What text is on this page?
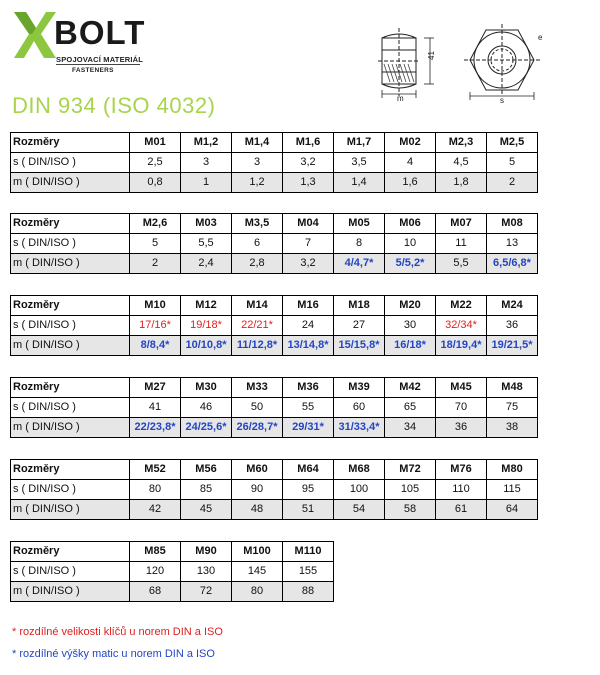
BOLT
SPOJOVACÍ MATERIÁL
FASTENERS
DIN 934 (ISO 4032)
41
m	s
e
Rozměry	M01	M1,2	M1,4	M1,6	M1,7	M02	M2,3	M2,5
s ( DIN/ISO )	2,5	3	3	3,2	3,5	4	4,5	5
m ( DIN/ISO )	0,8	1	1,2	1,3	1,4	1,6	1,8	2
Rozměry	M2,6	M03	M3,5	M04	M05	M06	M07	M08
s ( DIN/ISO )	5	5,5	6	7	8	10	11	13
m ( DIN/ISO )	2	2,4	2,8	3,2	4/4,7*	5/5,2*	5,5	6,5/6,8*
Rozměry	M10	M12	M14	M16	M18	M20	M22	M24
s ( DIN/ISO )	17/16*	19/18*	22/21*	24	27	30	32/34*	36
m ( DIN/ISO )	8/8,4*	10/10,8*	11/12,8*	13/14,8*	15/15,8*	16/18*	18/19,4*	19/21,5*
Rozměry	M27	M30	M33	M36	M39	M42	M45	M48
s ( DIN/ISO )	41	46	50	55	60	65	70	75
m ( DIN/ISO )	22/23,8*	24/25,6*	26/28,7*	29/31*	31/33,4*	34	36	38
Rozměry	M52	M56	M60	M64	M68	M72	M76	M80
s ( DIN/ISO )	80	85	90	95	100	105	110	115
m ( DIN/ISO )	42	45	48	51	54	58	61	64
Rozměry	M85	M90	M100	M110
s ( DIN/ISO )	120	130	145	155
m ( DIN/ISO )	68	72	80	88
* rozdílné velikosti klíčů u norem DIN a ISO
* rozdílné výšky matic u norem DIN a ISO
